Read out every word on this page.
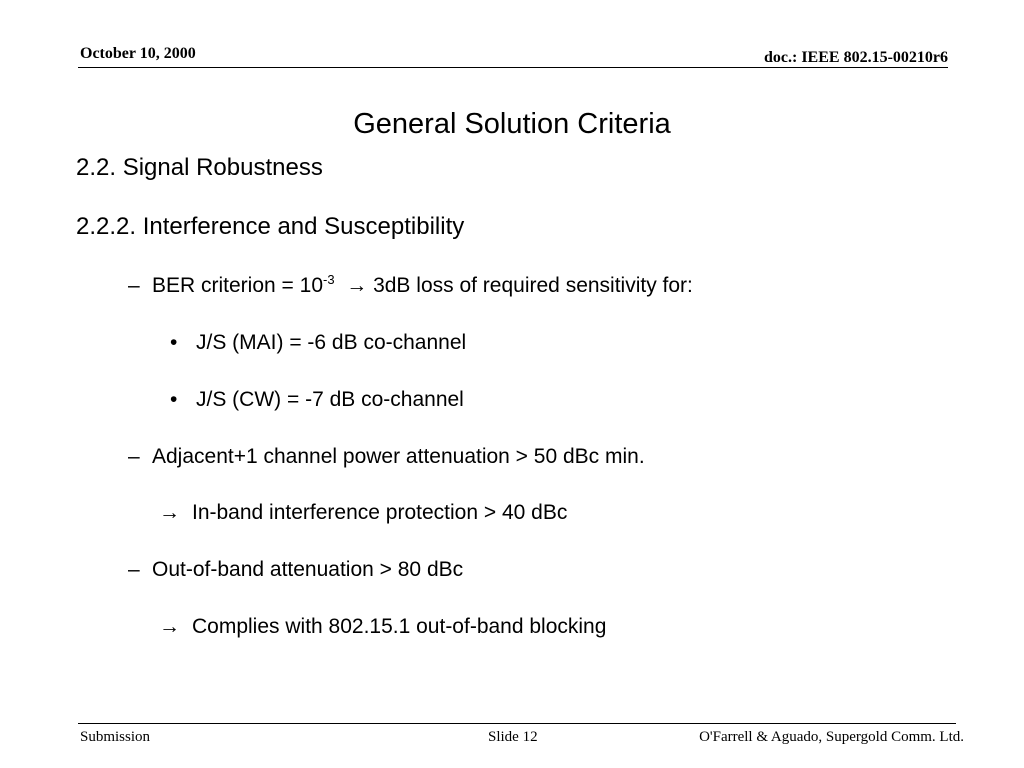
October 10, 2000	doc.: IEEE 802.15-00210r6
General Solution Criteria
2.2. Signal Robustness
2.2.2. Interference and Susceptibility
– BER criterion = $10^{-3} \to 3dB$ loss of required sensitivity for:
• J/S (MAI) = -6 dB co-channel
• J/S (CW) = -7 dB co-channel
– Adjacent+1 channel power attenuation > 50 dBc min.
→ In-band interference protection > 40 dBc
– Out-of-band attenuation > 80 dBc
→ Complies with 802.15.1 out-of-band blocking
Submission	Slide 12	O'Farrell & Aguado, Supergold Comm. Ltd.
